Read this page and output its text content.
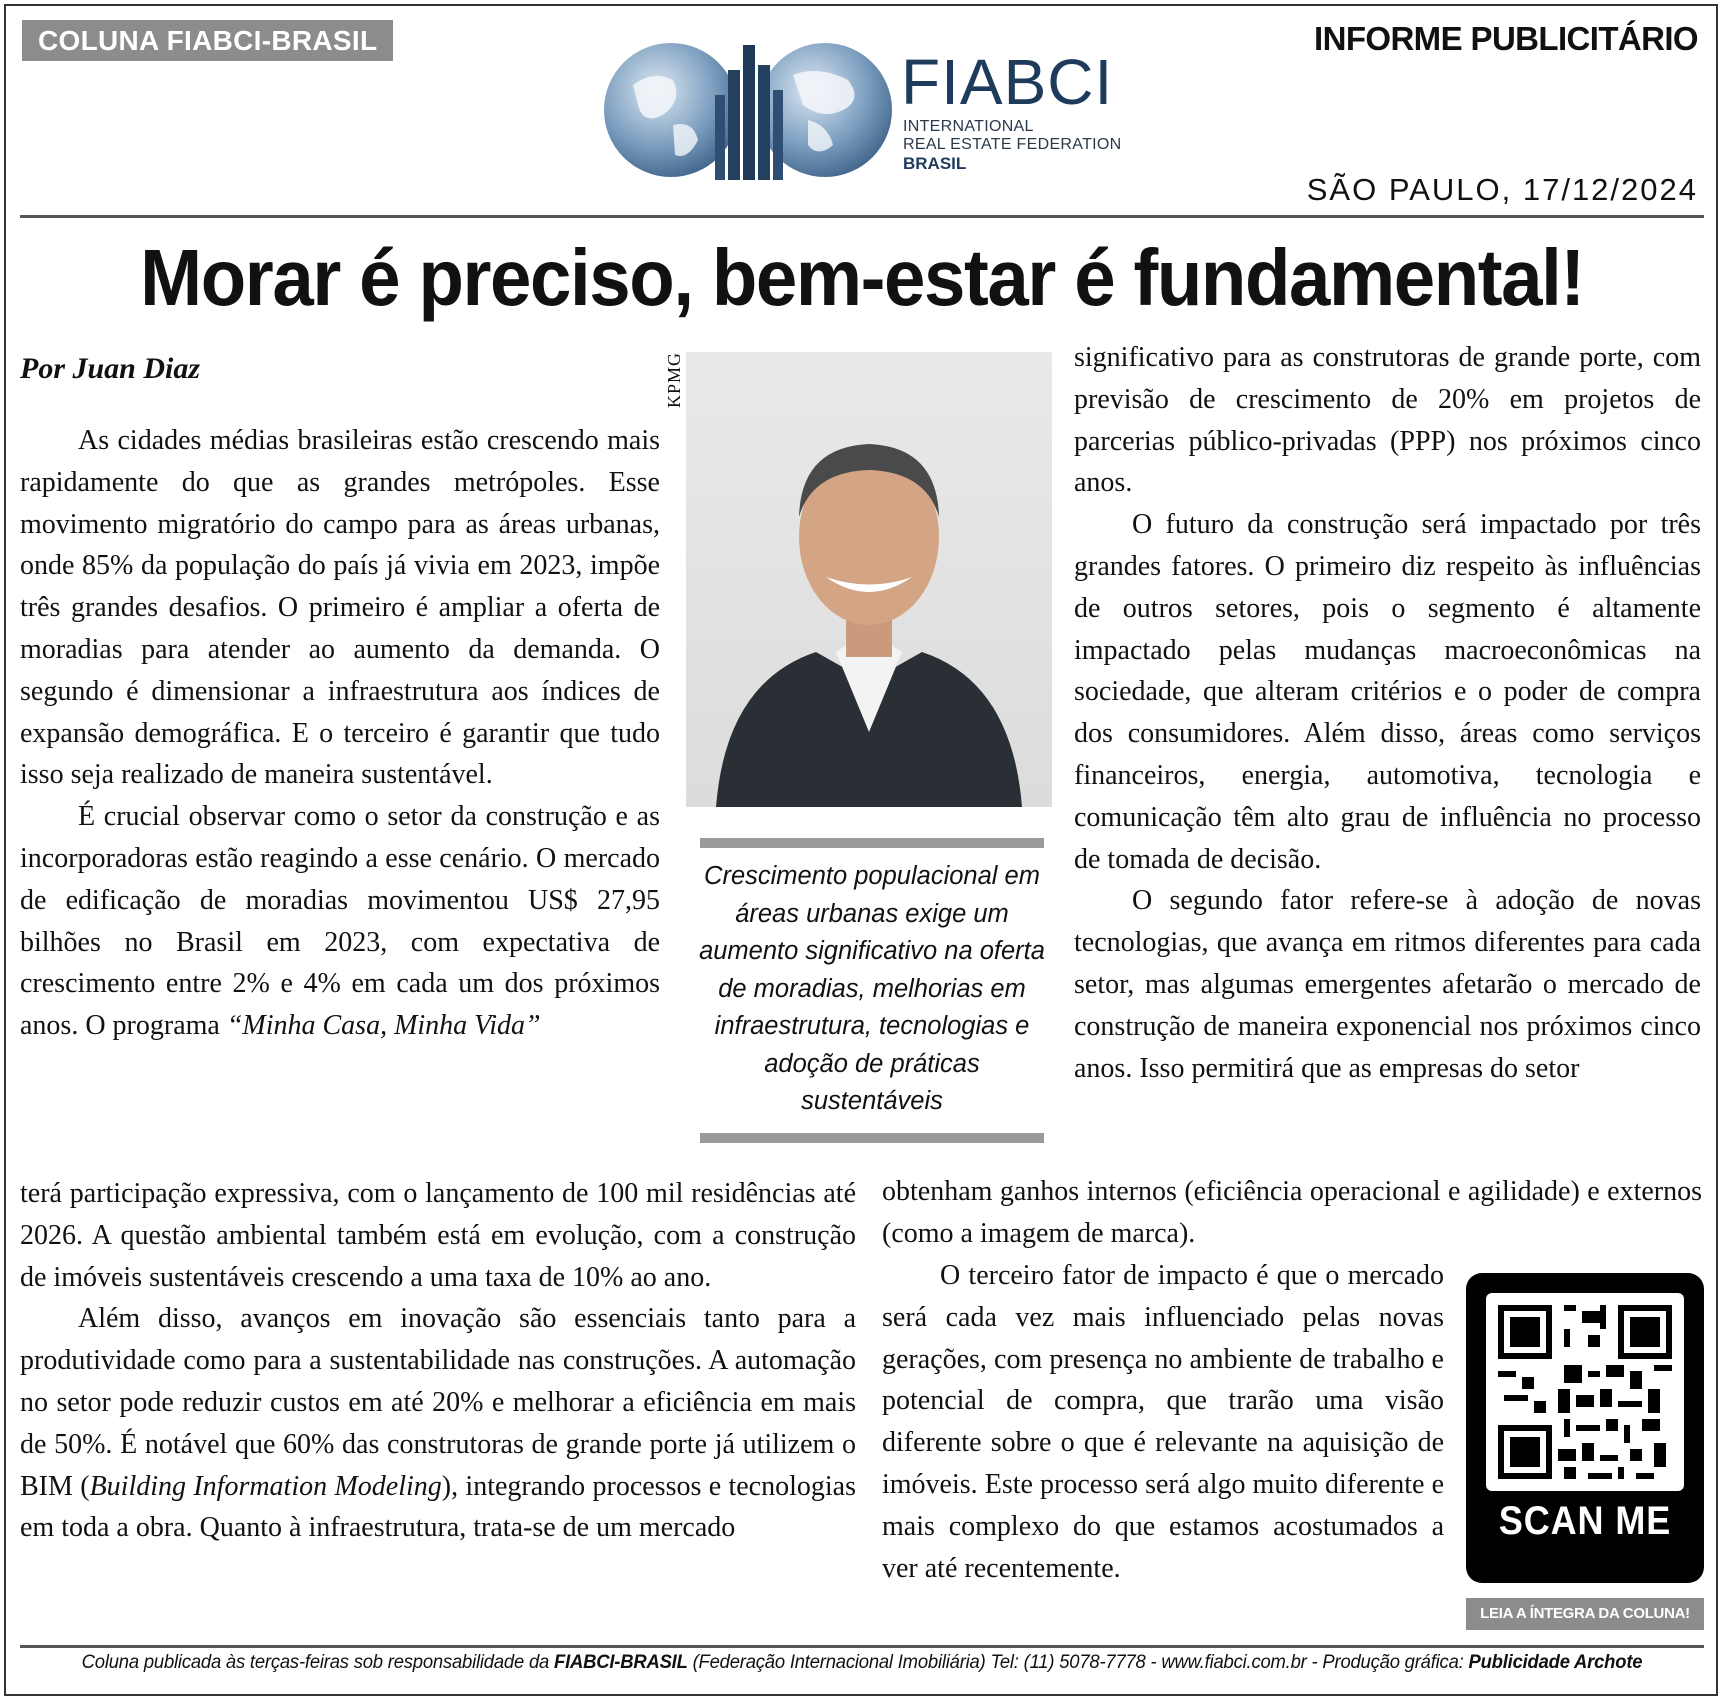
COLUNA FIABCI-BRASIL	INFORME PUBLICITÁRIO
FIABCI
INTERNATIONAL
REAL ESTATE FEDERATION
BRASIL
SÃO PAULO, 17/12/2024
Morar é preciso, bem-estar é fundamental!
Por Juan Diaz

As cidades médias brasileiras estão crescendo mais rapidamente do que as grandes metrópoles. Esse movimento migratório do campo para as áreas urbanas, onde 85% da população do país já vivia em 2023, impõe três grandes desafios. O primeiro é ampliar a oferta de moradias para atender ao aumento da demanda. O segundo é dimensionar a infraestrutura aos índices de expansão demográfica. E o terceiro é garantir que tudo isso seja realizado de maneira sustentável.

É crucial observar como o setor da construção e as incorporadoras estão reagindo a esse cenário. O mercado de edificação de moradias movimentou US$ 27,95 bilhões no Brasil em 2023, com expectativa de crescimento entre 2% e 4% em cada um dos próximos anos. O programa “Minha Casa, Minha Vida”

terá participação expressiva, com o lançamento de 100 mil residências até 2026. A questão ambiental também está em evolução, com a construção de imóveis sustentáveis crescendo a uma taxa de 10% ao ano.

Além disso, avanços em inovação são essenciais tanto para a produtividade como para a sustentabilidade nas construções. A automação no setor pode reduzir custos em até 20% e melhorar a eficiência em mais de 50%. É notável que 60% das construtoras de grande porte já utilizem o BIM (Building Information Modeling), integrando processos e tecnologias em toda a obra. Quanto à infraestrutura, trata-se de um mercado

KPMG
Crescimento populacional em áreas urbanas exige um aumento significativo na oferta de moradias, melhorias em infraestrutura, tecnologias e adoção de práticas sustentáveis

significativo para as construtoras de grande porte, com previsão de crescimento de 20% em projetos de parcerias público-privadas (PPP) nos próximos cinco anos.

O futuro da construção será impactado por três grandes fatores. O primeiro diz respeito às influências de outros setores, pois o segmento é altamente impactado pelas mudanças macroeconômicas na sociedade, que alteram critérios e o poder de compra dos consumidores. Além disso, áreas como serviços financeiros, energia, automotiva, tecnologia e comunicação têm alto grau de influência no processo de tomada de decisão.

O segundo fator refere-se à adoção de novas tecnologias, que avança em ritmos diferentes para cada setor, mas algumas emergentes afetarão o mercado de construção de maneira exponencial nos próximos cinco anos. Isso permitirá que as empresas do setor

obtenham ganhos internos (eficiência operacional e agilidade) e externos (como a imagem de marca).

O terceiro fator de impacto é que o mercado será cada vez mais influenciado pelas novas gerações, com presença no ambiente de trabalho e potencial de compra, que trarão uma visão diferente sobre o que é relevante na aquisição de imóveis. Este processo será algo muito diferente e mais complexo do que estamos acostumados a ver até recentemente.

SCAN ME
LEIA A ÍNTEGRA DA COLUNA!
Coluna publicada às terças-feiras sob responsabilidade da FIABCI-BRASIL (Federação Internacional Imobiliária) Tel: (11) 5078-7778 - www.fiabci.com.br - Produção gráfica: Publicidade Archote
